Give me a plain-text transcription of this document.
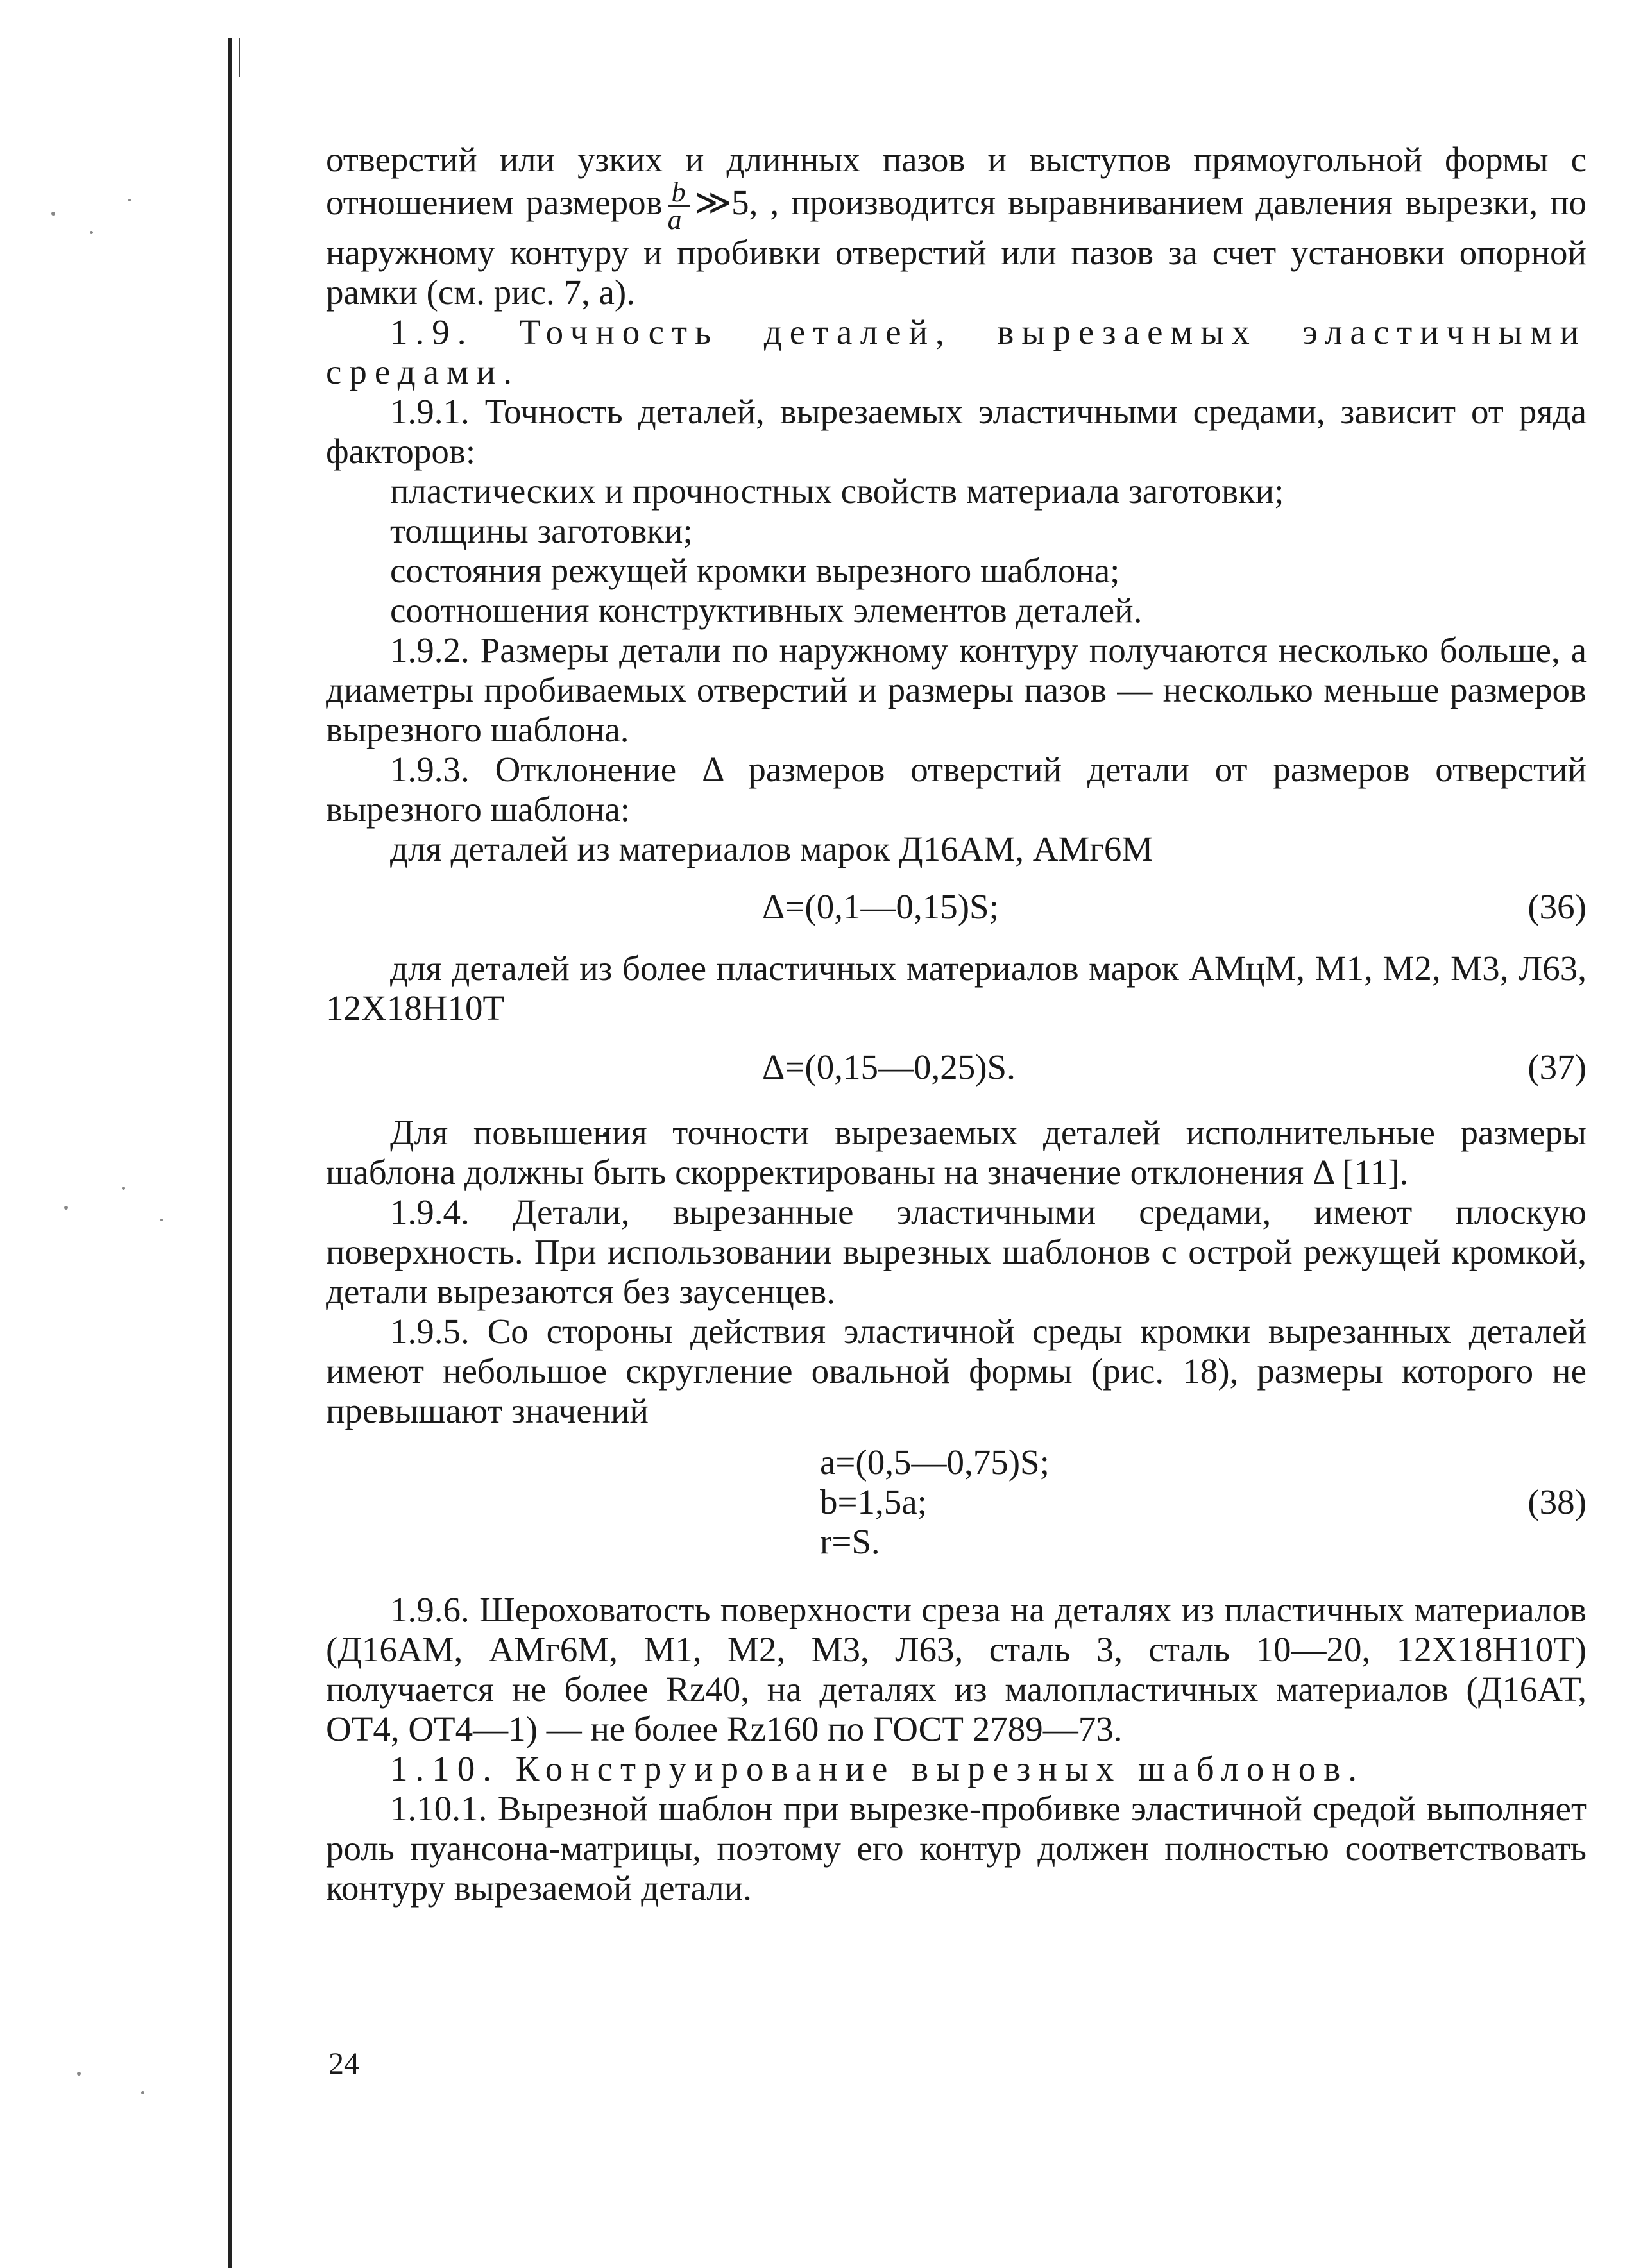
отверстий или узких и длинных пазов и выступов прямоугольной формы с отношением размеров $\frac{b}{a}$ ≫5, , производится выравниванием давления вырезки, по наружному контуру и пробивки отверстий или пазов за счет установки опорной рамки (см. рис. 7, а).

1.9. Точность деталей, вырезаемых эластичными средами.

1.9.1. Точность деталей, вырезаемых эластичными средами, зависит от ряда факторов:

пластических и прочностных свойств материала заготовки;

толщины заготовки;

состояния режущей кромки вырезного шаблона;

соотношения конструктивных элементов деталей.

1.9.2. Размеры детали по наружному контуру получаются несколько больше, а диаметры пробиваемых отверстий и размеры пазов — несколько меньше размеров вырезного шаблона.

1.9.3. Отклонение Δ размеров отверстий детали от размеров отверстий вырезного шаблона:

для деталей из материалов марок Д16АМ, АМг6М

Δ=(0,1—0,15)S;	(36)

для деталей из более пластичных материалов марок АМцМ, М1, М2, М3, Л63, 12Х18Н10Т

Δ=(0,15—0,25)S.	(37)

Для повышения точности вырезаемых деталей исполнительные размеры шаблона должны быть скорректированы на значение отклонения Δ [11].

1.9.4. Детали, вырезанные эластичными средами, имеют плоскую поверхность. При использовании вырезных шаблонов с острой режущей кромкой, детали вырезаются без заусенцев.

1.9.5. Со стороны действия эластичной среды кромки вырезанных деталей имеют небольшое скругление овальной формы (рис. 18), размеры которого не превышают значений

a=(0,5—0,75)S;
b=1,5a;
r=S.
(38)

1.9.6. Шероховатость поверхности среза на деталях из пластичных материалов (Д16АМ, АМг6М, М1, М2, М3, Л63, сталь 3, сталь 10—20, 12Х18Н10Т) получается не более Rz40, на деталях из малопластичных материалов (Д16АТ, ОТ4, ОТ4—1) — не более Rz160 по ГОСТ 2789—73.

1.10. Конструирование вырезных шаблонов.

1.10.1. Вырезной шаблон при вырезке-пробивке эластичной средой выполняет роль пуансона-матрицы, поэтому его контур должен полностью соответствовать контуру вырезаемой детали.

24
